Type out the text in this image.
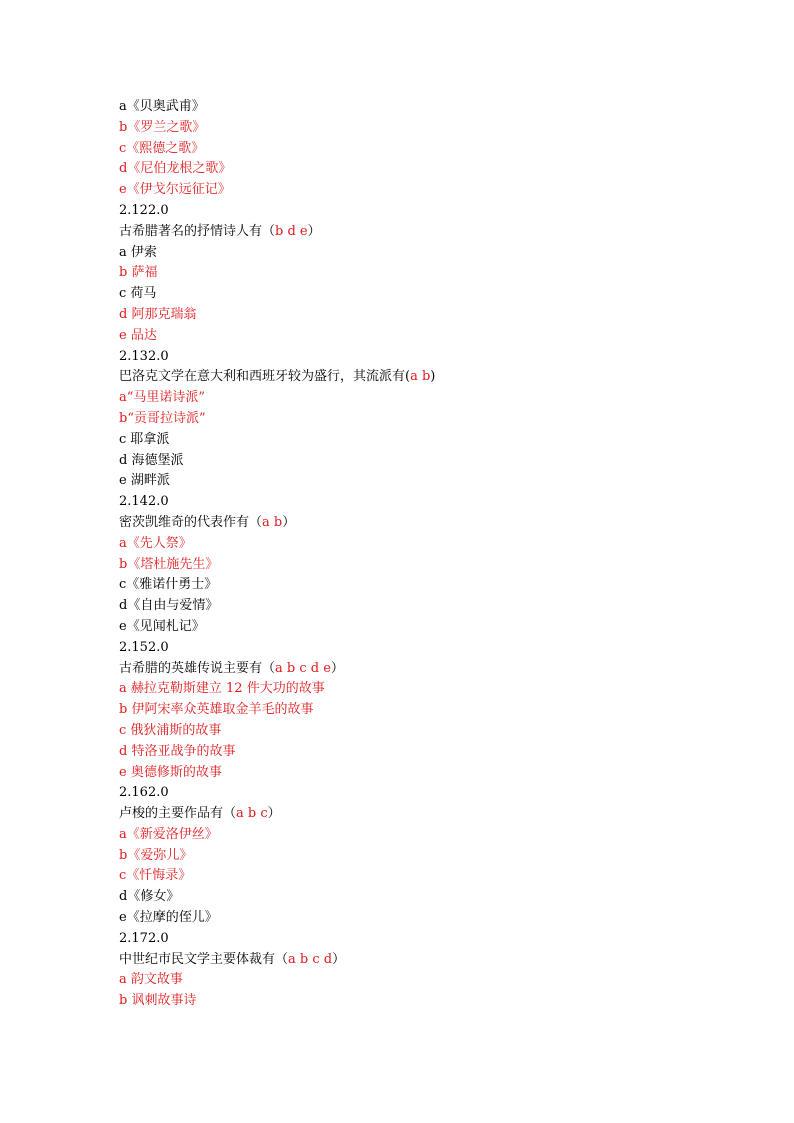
a《贝奥武甫》
b《罗兰之歌》
c《熙德之歌》
d《尼伯龙根之歌》
e《伊戈尔远征记》
2.122.0
古希腊著名的抒情诗人有（b d e）
a 伊索
b 萨福
c 荷马
d 阿那克瑞翁
e 品达
2.132.0
巴洛克文学在意大利和西班牙较为盛行，其流派有(a b)
a“马里诺诗派”
b“贡哥拉诗派”
c 耶拿派
d 海德堡派
e 湖畔派
2.142.0
密茨凯维奇的代表作有（a b）
a《先人祭》
b《塔杜施先生》
c《雅诺什勇士》
d《自由与爱情》
e《见闻札记》
2.152.0
古希腊的英雄传说主要有（a b c d e）
a 赫拉克勒斯建立 12 件大功的故事
b 伊阿宋率众英雄取金羊毛的故事
c 俄狄浦斯的故事
d 特洛亚战争的故事
e 奥德修斯的故事
2.162.0
卢梭的主要作品有（a b c）
a《新爱洛伊丝》
b《爱弥儿》
c《忏悔录》
d《修女》
e《拉摩的侄儿》
2.172.0
中世纪市民文学主要体裁有（a b c d）
a 韵文故事
b 讽刺故事诗
